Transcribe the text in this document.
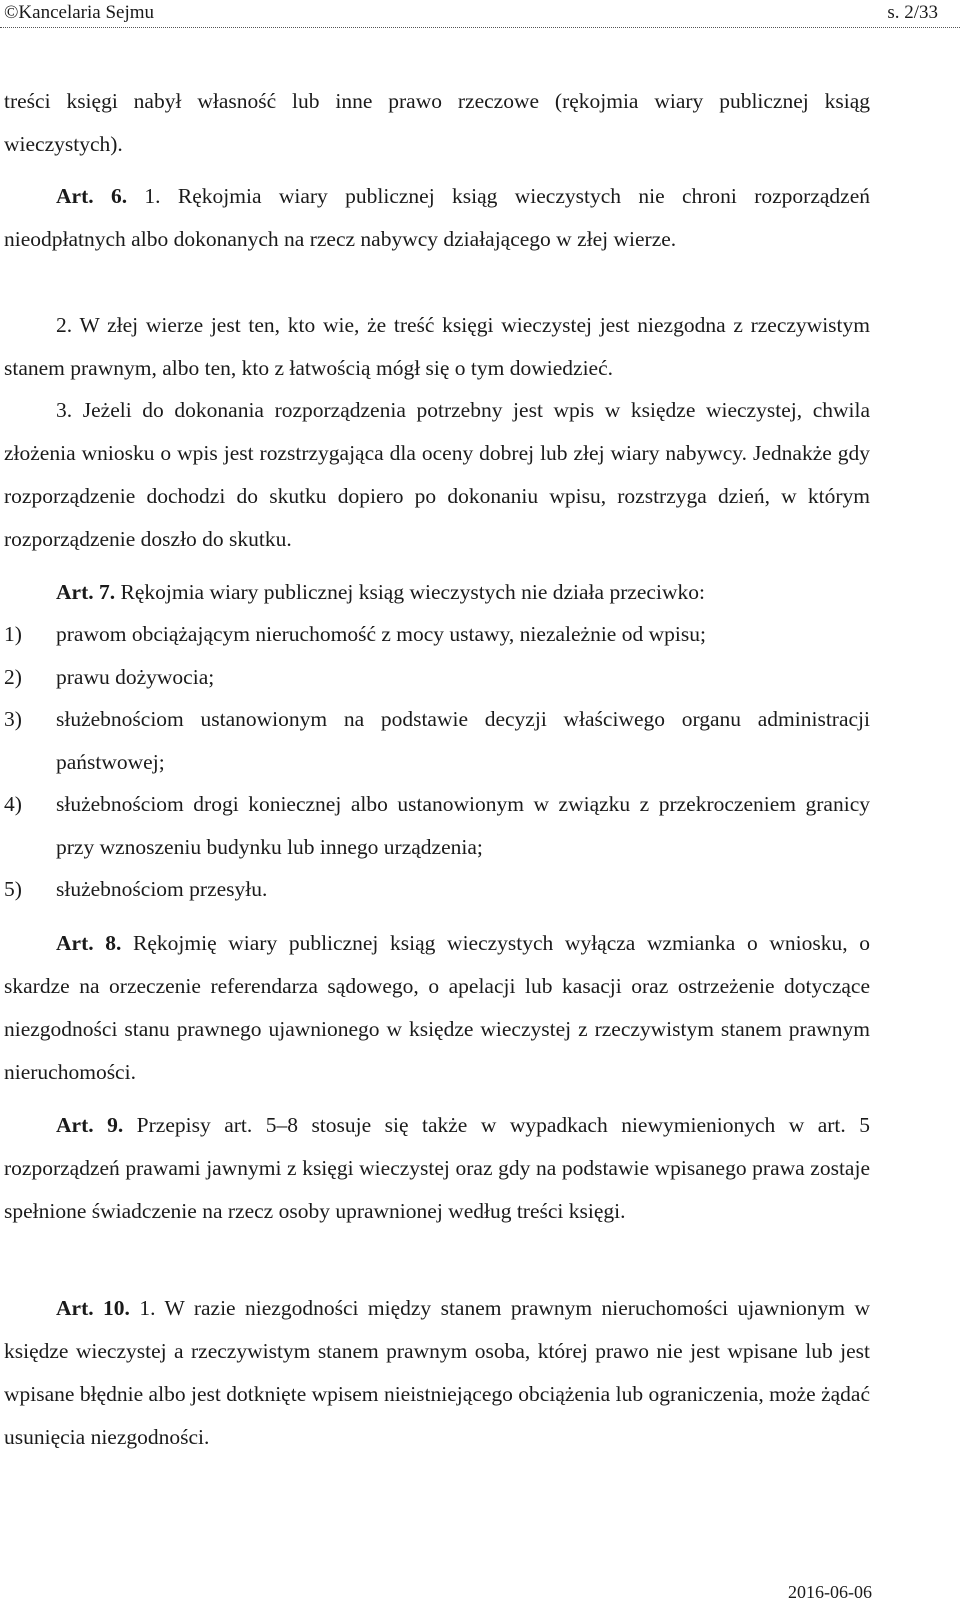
©Kancelaria Sejmu	s. 2/33
treści księgi nabył własność lub inne prawo rzeczowe (rękojmia wiary publicznej ksiąg wieczystych).
Art. 6. 1. Rękojmia wiary publicznej ksiąg wieczystych nie chroni rozporządzeń nieodpłatnych albo dokonanych na rzecz nabywcy działającego w złej wierze.
2. W złej wierze jest ten, kto wie, że treść księgi wieczystej jest niezgodna z rzeczywistym stanem prawnym, albo ten, kto z łatwością mógł się o tym dowiedzieć.
3. Jeżeli do dokonania rozporządzenia potrzebny jest wpis w księdze wieczystej, chwila złożenia wniosku o wpis jest rozstrzygająca dla oceny dobrej lub złej wiary nabywcy. Jednakże gdy rozporządzenie dochodzi do skutku dopiero po dokonaniu wpisu, rozstrzyga dzień, w którym rozporządzenie doszło do skutku.
Art. 7. Rękojmia wiary publicznej ksiąg wieczystych nie działa przeciwko:
1) prawom obciążającym nieruchomość z mocy ustawy, niezależnie od wpisu;
2) prawu dożywocia;
3) służebnościom ustanowionym na podstawie decyzji właściwego organu administracji państwowej;
4) służebnościom drogi koniecznej albo ustanowionym w związku z przekroczeniem granicy przy wznoszeniu budynku lub innego urządzenia;
5) służebnościom przesyłu.
Art. 8. Rękojmię wiary publicznej ksiąg wieczystych wyłącza wzmianka o wniosku, o skardze na orzeczenie referendarza sądowego, o apelacji lub kasacji oraz ostrzeżenie dotyczące niezgodności stanu prawnego ujawnionego w księdze wieczystej z rzeczywistym stanem prawnym nieruchomości.
Art. 9. Przepisy art. 5–8 stosuje się także w wypadkach niewymienionych w art. 5 rozporządzeń prawami jawnymi z księgi wieczystej oraz gdy na podstawie wpisanego prawa zostaje spełnione świadczenie na rzecz osoby uprawnionej według treści księgi.
Art. 10. 1. W razie niezgodności między stanem prawnym nieruchomości ujawnionym w księdze wieczystej a rzeczywistym stanem prawnym osoba, której prawo nie jest wpisane lub jest wpisane błędnie albo jest dotknięte wpisem nieistniejącego obciążenia lub ograniczenia, może żądać usunięcia niezgodności.
2016-06-06
